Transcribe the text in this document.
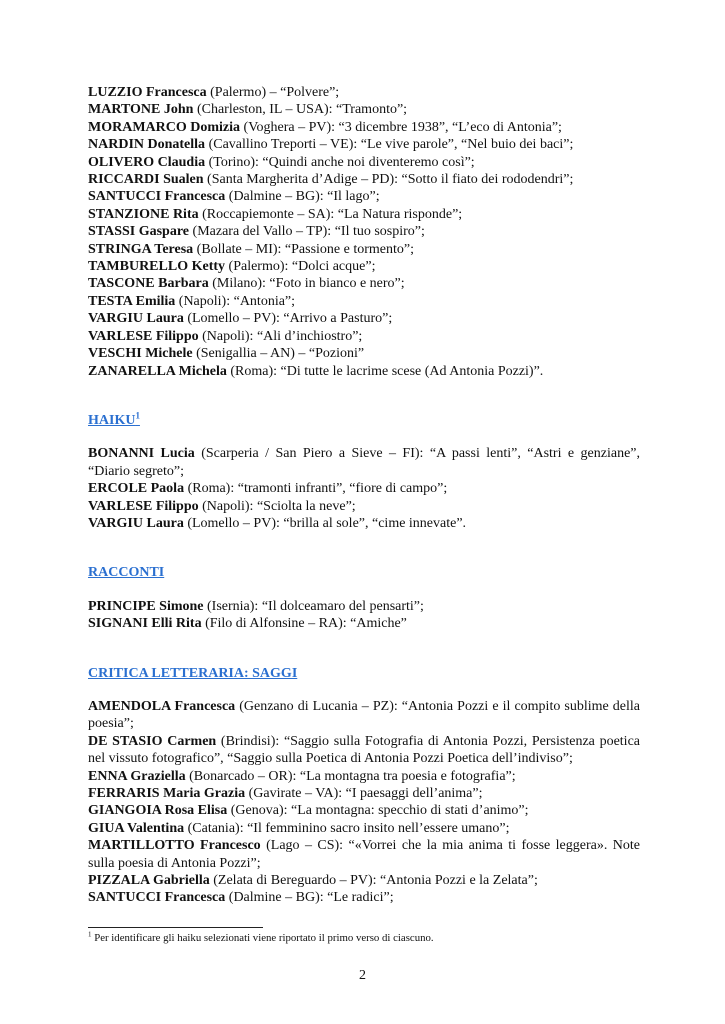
LUZZIO Francesca (Palermo) – “Polvere”;

MARTONE John (Charleston, IL – USA): “Tramonto”;

MORAMARCO Domizia (Voghera – PV): “3 dicembre 1938”, “L’eco di Antonia”;

NARDIN Donatella (Cavallino Treporti – VE): “Le vive parole”, “Nel buio dei baci”;

OLIVERO Claudia (Torino): “Quindi anche noi diventeremo così”;

RICCARDI Sualen (Santa Margherita d’Adige – PD): “Sotto il fiato dei rododendri”;

SANTUCCI Francesca (Dalmine – BG): “Il lago”;

STANZIONE Rita (Roccapiemonte – SA): “La Natura risponde”;

STASSI Gaspare (Mazara del Vallo – TP): “Il tuo sospiro”;

STRINGA Teresa (Bollate – MI): “Passione e tormento”;

TAMBURELLO Ketty (Palermo): “Dolci acque”;

TASCONE Barbara (Milano): “Foto in bianco e nero”;

TESTA Emilia (Napoli): “Antonia”;

VARGIU Laura (Lomello – PV): “Arrivo a Pasturo”;

VARLESE Filippo (Napoli): “Ali d’inchiostro”;

VESCHI Michele (Senigallia – AN) – “Pozioni”

ZANARELLA Michela (Roma): “Di tutte le lacrime scese (Ad Antonia Pozzi)”.

HAIKU$^1$

BONANNI Lucia (Scarperia / San Piero a Sieve – FI): “A passi lenti”, “Astri e genziane”, “Diario segreto”;

ERCOLE Paola (Roma): “tramonti infranti”, “fiore di campo”;

VARLESE Filippo (Napoli): “Sciolta la neve”;

VARGIU Laura (Lomello – PV): “brilla al sole”, “cime innevate”.

RACCONTI

PRINCIPE Simone (Isernia): “Il dolceamaro del pensarti”;

SIGNANI Elli Rita (Filo di Alfonsine – RA): “Amiche”

CRITICA LETTERARIA: SAGGI

AMENDOLA Francesca (Genzano di Lucania – PZ): “Antonia Pozzi e il compito sublime della poesia”;

DE STASIO Carmen (Brindisi): “Saggio sulla Fotografia di Antonia Pozzi, Persistenza poetica nel vissuto fotografico”, “Saggio sulla Poetica di Antonia Pozzi Poetica dell’indiviso”;

ENNA Graziella (Bonarcado – OR): “La montagna tra poesia e fotografia”;

FERRARIS Maria Grazia (Gavirate – VA): “I paesaggi dell’anima”;

GIANGOIA Rosa Elisa (Genova): “La montagna: specchio di stati d’animo”;

GIUA Valentina (Catania): “Il femminino sacro insito nell’essere umano”;

MARTILLOTTO Francesco (Lago – CS): “«Vorrei che la mia anima ti fosse leggera». Note sulla poesia di Antonia Pozzi”;

PIZZALA Gabriella (Zelata di Bereguardo – PV): “Antonia Pozzi e la Zelata”;

SANTUCCI Francesca (Dalmine – BG): “Le radici”;

$^1$ Per identificare gli haiku selezionati viene riportato il primo verso di ciascuno.
2
